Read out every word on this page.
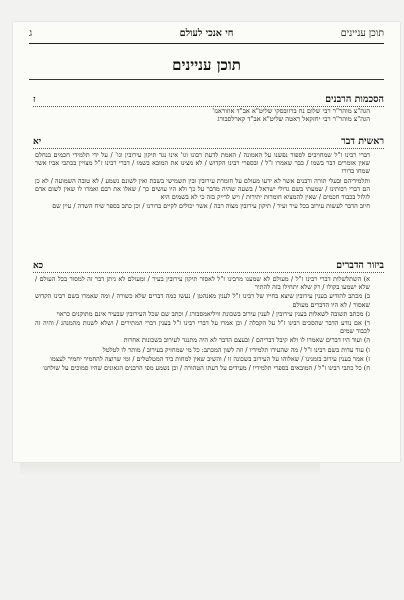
תוכן עניינים
חי אנכי לעולם
ג
תוכן עניינים
הסכמות הרבנים
ז
הגה"צ מוהר"ר רבי שלום נח ברזובסקי שליט"א אב"ד אוזוראנז'
הגה"צ מוהר"ר רבי יחזקאל ראטה שליט"א אב"ד קארלסבורג
ראשית דבר
יא

דברי רבינו ז"ל שמחויבים לספור נפשנו על האמונה / האמת לדעת רבונו וגו' אינו נגד תיקון עירובין וגו' / על ידי תלמידי חכמים בנחלם שאין אומרים דבר בשמו / כבר שאמרו ז"ל / ובספרי רבינו הקדוש / לא מצינו את המובא בשמו / דברי רבינו ז"ל מצויין בכתבי אביו אשר שמחו בדורו

ותלמידיהם ובעלי תורה ורבנים אשר לא ידעו מעולם על חומרת עירובין ובין תשמישי בשבת ואין לשונם נשמע / לא טובה השמועה / לא כן הם דברי רבותינו / שמעתי בשם גדולי ישראל / בשעה שהיה מדבר על כך ולא היו עושים כך / שאלו את רבם ואמרו לו שאין לשום אדם לזלזל בכבוד חכמים / שאין להמציא חומרות יתירות / ויש לדייק בזה כי לא בשמים היא

חיוב הדבר לעשות עירוב בכל עיר ועיר / תיקון עירובין מצוה רבה / אשר יכולים לקיים בדורנו / וכן כתב בספר שיח השדה / עיין שם

ביזור הדברים
כא

א) השתלשלות דברי רבינו ז"ל / מעולם לא שמענו מרבינו ז"ל לאסור תיקון עירובין בעיר / ומעולם לא ניתן דבר זה למסור בכל העולם / שלא ישמעו בקולו / רק שלא יתחילו בזה להתיר

ב) מכתב להודיע בענין עירובין שיצא בחייו של רבינו ז"ל לענין מאנהטן / נעשו כמה דברים שלא כשורה / ומה שאמרו בשם רבינו הקדוש שאסור / לא היו הדברים מעולם

ג) מכתב תשובה לשאלות בענין עירובין / לענין עירוב בשכונת וויליאמסבורג / וכתב שם שכל העירובין שבעיר אינם מתוקנים כראוי

ד) אם נודע הדבר שהסכים רבינו ז"ל על הקבלה / וכן אמרו על דברי רבינו ז"ל בענין דברי המתירים / ושלא לשנות מהמנהג / והיה זה לכבוד שמים

ה) ועוד היו דברים שאמרו לו ולא קיבל דבריהם / ובעצם הדבר לא היה מתנגד לעירוב בשכונות אחרות

ו) עוד עדות בשם רבינו ז"ל / מה שהעידו תלמידיו / וזה לשון המכתב: כל מי שמחזיק בעירוב / מותר לו לטלטל

ז) אמר בענין עירוב בזמנינו / שאלוהו על העירוב בשכונה זו / והשיב שאין למחות ביד המטלטלים / ומי שרוצה להחמיר יחמיר לעצמו

ח) כל כתבי רבינו ז"ל / המובאים בספרי תלמידיו / מעידים על דעתו הטהורה / וכן נשמע מפי הרבנים הגאונים שהיו סמוכים על שולחנו
